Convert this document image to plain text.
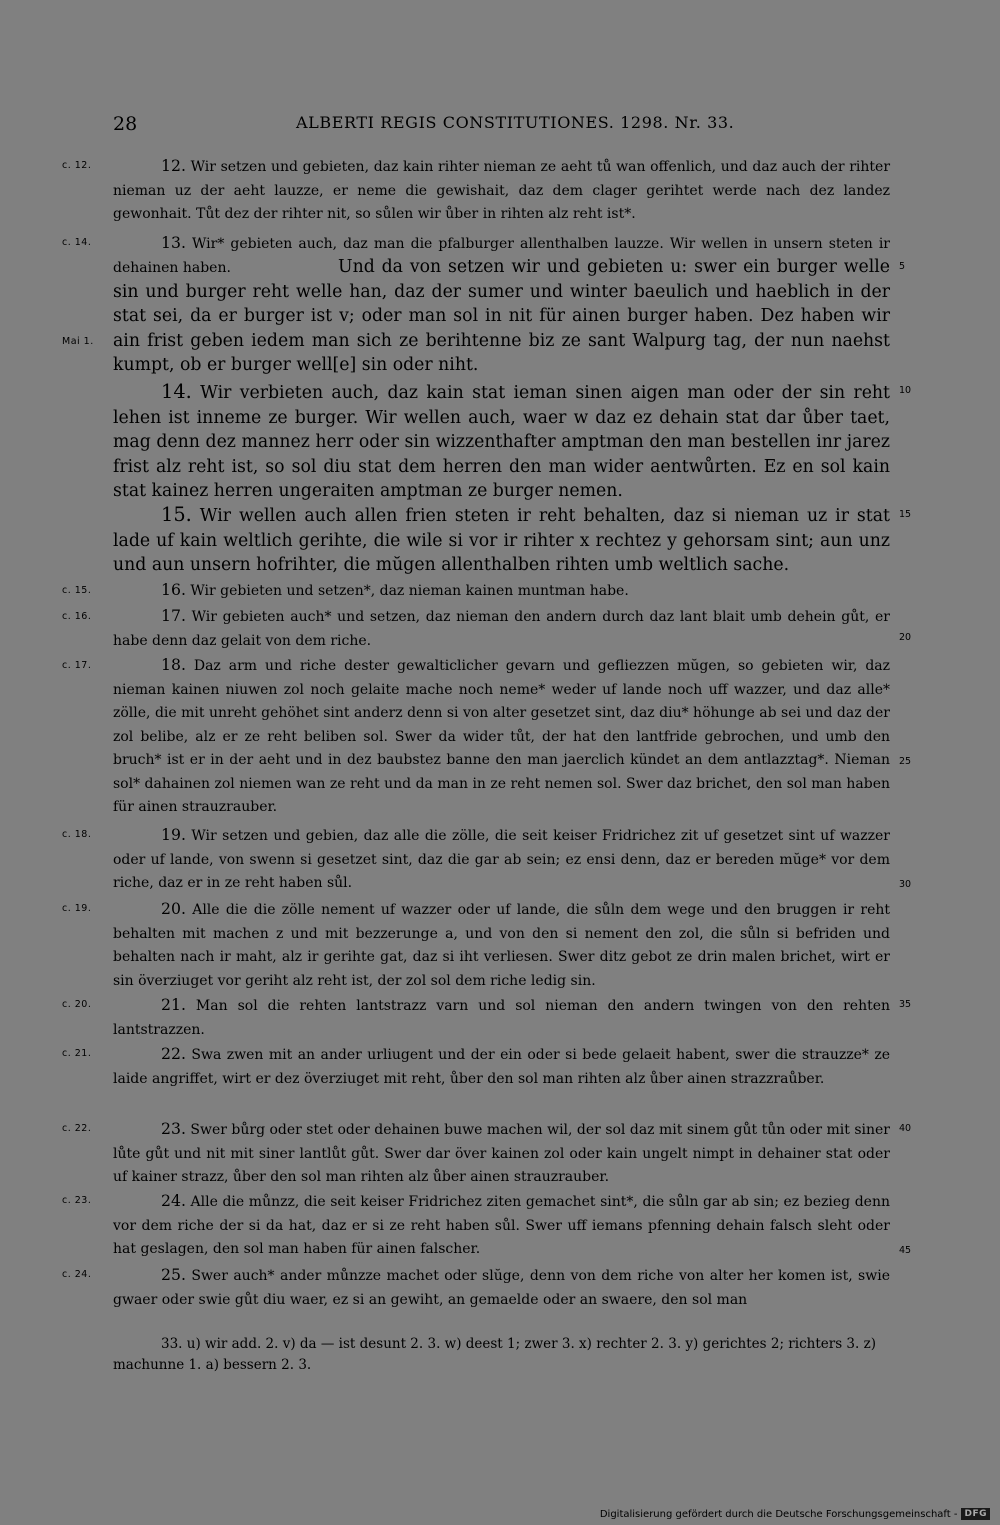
28	ALBERTI REGIS CONSTITUTIONES. 1298. Nr. 33.
c. 12.
c. 14.
Mai 1.
c. 15.
c. 16.
c. 17.
c. 18.
c. 19.
c. 20.
c. 21.
c. 22.
c. 23.
c. 24.
5
10
15
20
25
30
35
40
45
12. Wir setzen und gebieten, daz kain rihter nieman ze aeht tů wan offenlich, und daz auch der rihter nieman uz der aeht lauzze, er neme die gewishait, daz dem clager gerihtet werde nach dez landez gewonhait. Tůt dez der rihter nit, so sůlen wir ůber in rihten alz reht ist*.
13. Wir* gebieten auch, daz man die pfalburger allenthalben lauzze. Wir wellen in unsern steten ir dehainen haben.	Und da von setzen wir und gebieten u: swer ein burger welle sin und burger reht welle han, daz der sumer und winter baeulich und haeblich in der stat sei, da er burger ist v; oder man sol in nit für ainen burger haben. Dez haben wir ain frist geben iedem man sich ze berihtenne biz ze sant Walpurg tag, der nun naehst kumpt, ob er burger well[e] sin oder niht.
14. Wir verbieten auch, daz kain stat ieman sinen aigen man oder der sin reht lehen ist inneme ze burger. Wir wellen auch, waer w daz ez dehain stat dar ůber taet, mag denn dez mannez herr oder sin wizzenthafter amptman den man bestellen inr jarez frist alz reht ist, so sol diu stat dem herren den man wider aentwůrten. Ez en sol kain stat kainez herren ungeraiten amptman ze burger nemen.
15. Wir wellen auch allen frien steten ir reht behalten, daz si nieman uz ir stat lade uf kain weltlich gerihte, die wile si vor ir rihter x rechtez y gehorsam sint; aun unz und aun unsern hofrihter, die mŭgen allenthalben rihten umb weltlich sache.
16. Wir gebieten und setzen*, daz nieman kainen muntman habe.
17. Wir gebieten auch* und setzen, daz nieman den andern durch daz lant blait umb dehein gůt, er habe denn daz gelait von dem riche.
18. Daz arm und riche dester gewalticlicher gevarn und gefliezzen mŭgen, so gebieten wir, daz nieman kainen niuwen zol noch gelaite mache noch neme* weder uf lande noch uff wazzer, und daz alle* zölle, die mit unreht gehöhet sint anderz denn si von alter gesetzet sint, daz diu* höhunge ab sei und daz der zol belibe, alz er ze reht beliben sol. Swer da wider tůt, der hat den lantfride gebrochen, und umb den bruch* ist er in der aeht und in dez baubstez banne den man jaerclich kündet an dem antlazztag*. Nieman sol* dahainen zol niemen wan ze reht und da man in ze reht nemen sol. Swer daz brichet, den sol man haben für ainen strauzrauber.
19. Wir setzen und gebien, daz alle die zölle, die seit keiser Fridrichez zit uf gesetzet sint uf wazzer oder uf lande, von swenn si gesetzet sint, daz die gar ab sein; ez ensi denn, daz er bereden mŭge* vor dem riche, daz er in ze reht haben sůl.
20. Alle die die zölle nement uf wazzer oder uf lande, die sůln dem wege und den bruggen ir reht behalten mit machen z und mit bezzerunge a, und von den si nement den zol, die sůln si befriden und behalten nach ir maht, alz ir gerihte gat, daz si iht verliesen. Swer ditz gebot ze drin malen brichet, wirt er sin överziuget vor geriht alz reht ist, der zol sol dem riche ledig sin.
21. Man sol die rehten lantstrazz varn und sol nieman den andern twingen von den rehten lantstrazzen.
22. Swa zwen mit an ander urliugent und der ein oder si bede gelaeit habent, swer die strauzze* ze laide angriffet, wirt er dez överziuget mit reht, ůber den sol man rihten alz ůber ainen strazzraůber.
23. Swer bůrg oder stet oder dehainen buwe machen wil, der sol daz mit sinem gůt tůn oder mit siner lůte gůt und nit mit siner lantlůt gůt. Swer dar över kainen zol oder kain ungelt nimpt in dehainer stat oder uf kainer strazz, ůber den sol man rihten alz ůber ainen strauzrauber.
24. Alle die můnzz, die seit keiser Fridrichez ziten gemachet sint*, die sůln gar ab sin; ez bezieg denn vor dem riche der si da hat, daz er si ze reht haben sůl. Swer uff iemans pfenning dehain falsch sleht oder hat geslagen, den sol man haben für ainen falscher.
25. Swer auch* ander můnzze machet oder slŭge, denn von dem riche von alter her komen ist, swie gwaer oder swie gůt diu waer, ez si an gewiht, an gemaelde oder an swaere, den sol man
33. u) wir add. 2. v) da — ist desunt 2. 3. w) deest 1; zwer 3. x) rechter 2. 3. y) gerichtes 2; richters 3. z) machunne 1. a) bessern 2. 3.
Digitalisierung gefördert durch die Deutsche Forschungsgemeinschaft - DFG
